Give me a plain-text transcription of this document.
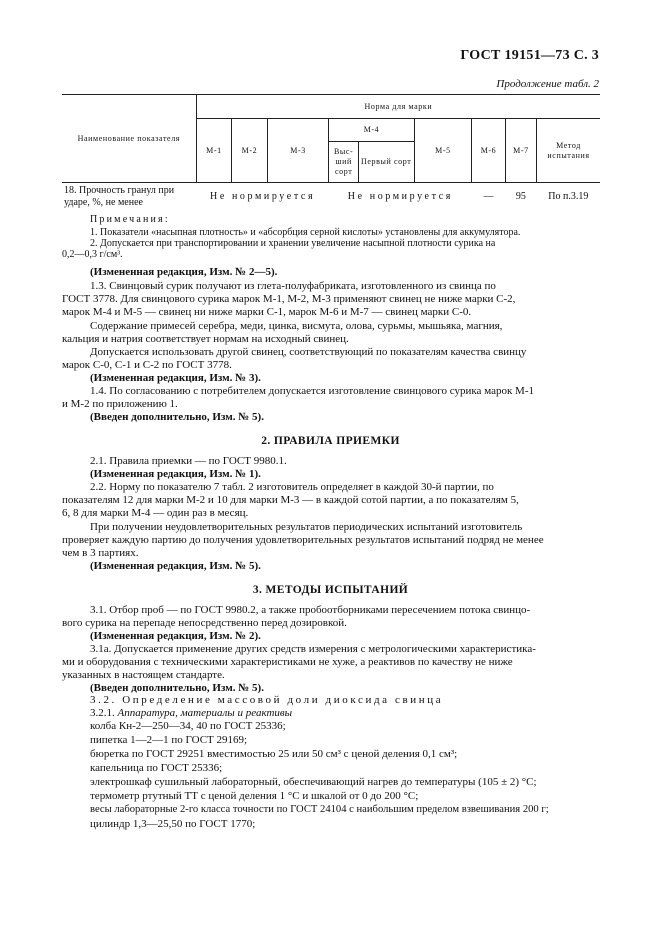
ГОСТ 19151—73 С. 3
Продолжение табл. 2
Наименование показателя	Норма для марки								
	М-1	М-2	М-3	М-4		М-5	М-6	М-7	Метод испытания
				Выс-ший сорт	Первый сорт				
18. Прочность гранул при ударе, %, не менее	Не нормируется			Не нормируется			—	95	По п.3.19
Примечания:
1. Показатели «насыпная плотность» и «абсорбция серной кислоты» установлены для аккумулятора.
2. Допускается при транспортировании и хранении увеличение насыпной плотности сурика на
0,2—0,3 г/см³.
(Измененная редакция, Изм. № 2—5).
1.3. Свинцовый сурик получают из глета-полуфабриката, изготовленного из свинца по
ГОСТ 3778. Для свинцового сурика марок М-1, М-2, М-3 применяют свинец не ниже марки С-2,
марок М-4 и М-5 — свинец ни ниже марки С-1, марок М-6 и М-7 — свинец марки С-0.
Содержание примесей серебра, меди, цинка, висмута, олова, сурьмы, мышьяка, магния,
кальция и натрия соответствует нормам на исходный свинец.
Допускается использовать другой свинец, соответствующий по показателям качества свинцу
марок С-0, С-1 и С-2 по ГОСТ 3778.
(Измененная редакция, Изм. № 3).
1.4. По согласованию с потребителем допускается изготовление свинцового сурика марок М-1
и М-2 по приложению 1.
(Введен дополнительно, Изм. № 5).
2. ПРАВИЛА ПРИЕМКИ
2.1. Правила приемки — по ГОСТ 9980.1.
(Измененная редакция, Изм. № 1).
2.2. Норму по показателю 7 табл. 2 изготовитель определяет в каждой 30-й партии, по
показателям 12 для марки М-2 и 10 для марки М-3 — в каждой сотой партии, а по показателям 5,
6, 8 для марки М-4 — один раз в месяц.
При получении неудовлетворительных результатов периодических испытаний изготовитель
проверяет каждую партию до получения удовлетворительных результатов испытаний подряд не менее
чем в 3 партиях.
(Измененная редакция, Изм. № 5).
3. МЕТОДЫ ИСПЫТАНИЙ
3.1. Отбор проб — по ГОСТ 9980.2, а также пробоотборниками пересечением потока свинцо-
вого сурика на перепаде непосредственно перед дозировкой.
(Измененная редакция, Изм. № 2).
3.1а. Допускается применение других средств измерения с метрологическими характеристика-
ми и оборудования с техническими характеристиками не хуже, а реактивов по качеству не ниже
указанных в настоящем стандарте.
(Введен дополнительно, Изм. № 5).
3.2. Определение массовой доли диоксида свинца
3.2.1. Аппаратура, материалы и реактивы
колба Кн-2—250—34, 40 по ГОСТ 25336;
пипетка 1—2—1 по ГОСТ 29169;
бюретка по ГОСТ 29251 вместимостью 25 или 50 см³ с ценой деления 0,1 см³;
капельница по ГОСТ 25336;
электрошкаф сушильный лабораторный, обеспечивающий нагрев до температуры (105 ± 2) °С;
термометр ртутный ТТ с ценой деления 1 °С и шкалой от 0 до 200 °С;
весы лабораторные 2-го класса точности по ГОСТ 24104 с наибольшим пределом взвешивания 200 г;
цилиндр 1,3—25,50 по ГОСТ 1770;
